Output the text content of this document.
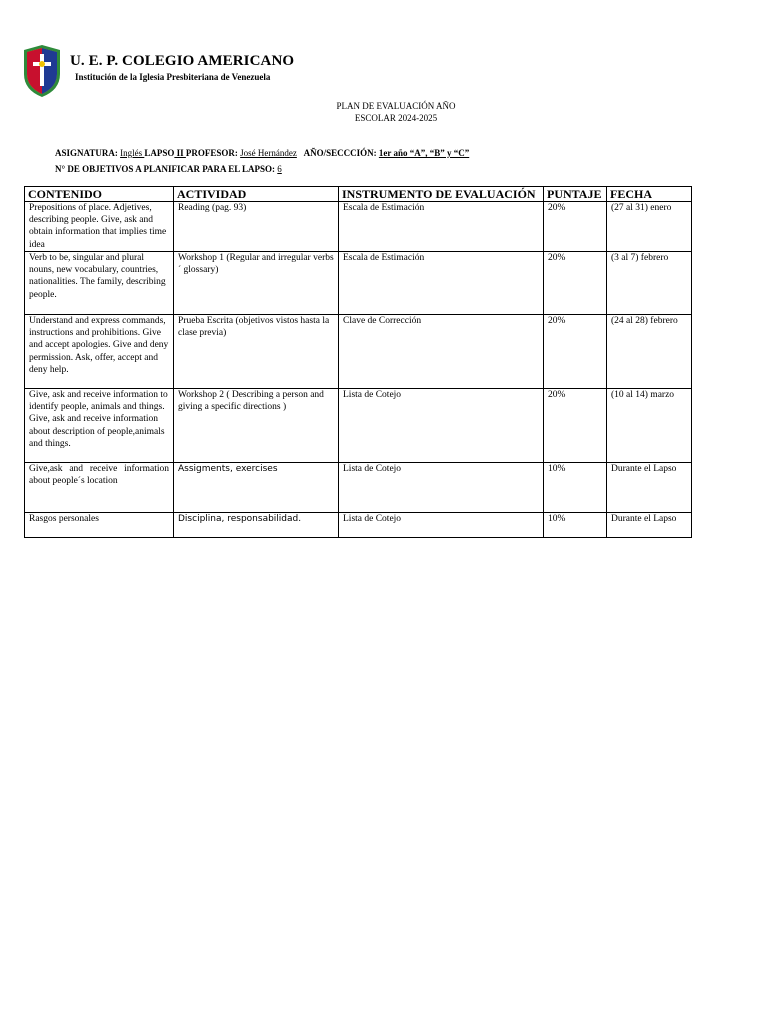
U. E. P. COLEGIO AMERICANO
Institución de la Iglesia Presbiteriana de Venezuela
PLAN DE EVALUACIÓN AÑO
ESCOLAR 2024-2025
ASIGNATURA: Inglés LAPSO II PROFESOR: José Hernández AÑO/SECCCIÓN: 1er año “A”, “B” y “C”
N° DE OBJETIVOS A PLANIFICAR PARA EL LAPSO: 6
CONTENIDO	ACTIVIDAD	INSTRUMENTO DE EVALUACIÓN	PUNTAJE	FECHA
Prepositions of place. Adjetives, describing people. Give, ask and obtain information that implies time idea	Reading (pag. 93)	Escala de Estimación	20%	(27 al 31) enero
Verb to be, singular and plural nouns, new vocabulary, countries, nationalities. The family, describing people.	Workshop 1 (Regular and irregular verbs´ glossary)	Escala de Estimación	20%	(3 al 7) febrero
Understand and express commands, instructions and prohibitions. Give and accept apologies. Give and deny permission. Ask, offer, accept and deny help.	Prueba Escrita (objetivos vistos hasta la clase previa)	Clave de Corrección	20%	(24 al 28) febrero
Give, ask and receive information to identify people, animals and things. Give, ask and receive information about description of people,animals and things.	Workshop 2 ( Describing a person and giving a specific directions )	Lista de Cotejo	20%	(10 al 14) marzo
Give,ask and receive information about people´s location	Assigments, exercises	Lista de Cotejo	10%	Durante el Lapso
Rasgos personales	Disciplina, responsabilidad.	Lista de Cotejo	10%	Durante el Lapso
